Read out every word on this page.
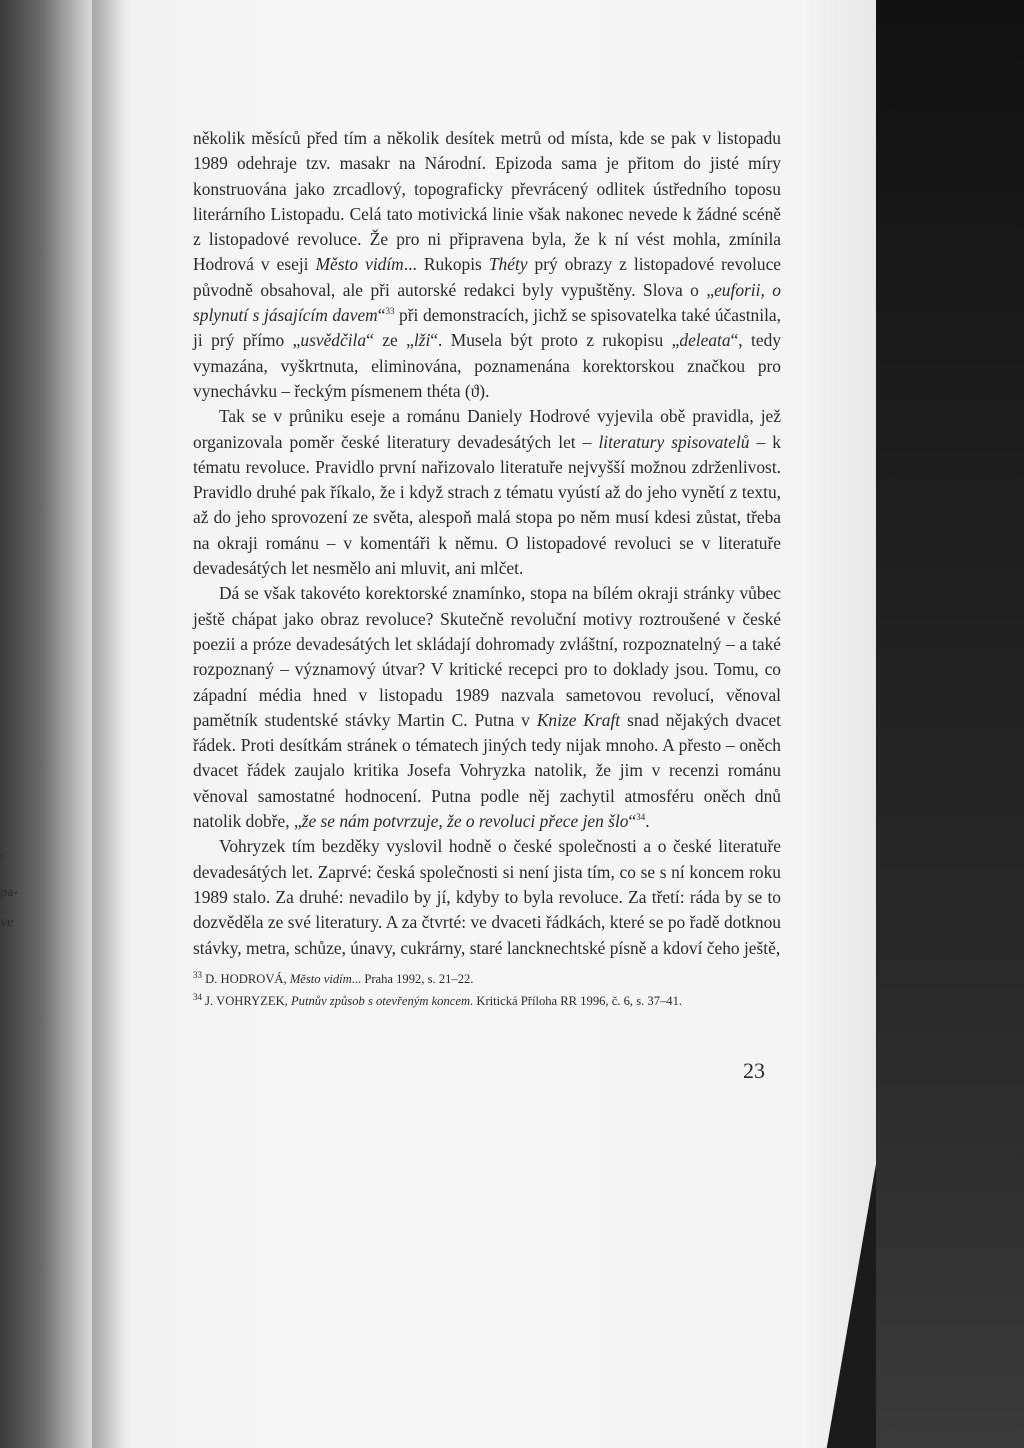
,
pa-
ve

několik měsíců před tím a několik desítek metrů od místa, kde se pak v listopadu 1989 odehraje tzv. masakr na Národní. Epizoda sama je přitom do jisté míry konstruována jako zrcadlový, topograficky převrácený odlitek ústředního toposu literárního Listopadu. Celá tato motivická linie však nakonec nevede k žádné scéně z listopadové revoluce. Že pro ni připravena byla, že k ní vést mohla, zmínila Hodrová v eseji Město vidím... Rukopis Théty prý obrazy z listopadové revoluce původně obsahoval, ale při autorské redakci byly vypuštěny. Slova o „euforii, o splynutí s jásajícím davem“$^{33}$ při demonstracích, jichž se spisovatelka také účastnila, ji prý přímo „usvědčila“ ze „lži“. Musela být proto z rukopisu „deleata“, tedy vymazána, vyškrtnuta, eliminována, poznamenána korektorskou značkou pro vynechávku – řeckým písmenem théta (ϑ).

Tak se v průniku eseje a románu Daniely Hodrové vyjevila obě pravidla, jež organizovala poměr české literatury devadesátých let – literatury spisovatelů – k tématu revoluce. Pravidlo první nařizovalo literatuře nejvyšší možnou zdrženlivost. Pravidlo druhé pak říkalo, že i když strach z tématu vyústí až do jeho vynětí z textu, až do jeho sprovození ze světa, alespoň malá stopa po něm musí kdesi zůstat, třeba na okraji románu – v komentáři k němu. O listopadové revoluci se v literatuře devadesátých let nesmělo ani mluvit, ani mlčet.

Dá se však takovéto korektorské znamínko, stopa na bílém okraji stránky vůbec ještě chápat jako obraz revoluce? Skutečně revoluční motivy roztroušené v české poezii a próze devadesátých let skládají dohromady zvláštní, rozpoznatelný – a také rozpoznaný – významový útvar? V kritické recepci pro to doklady jsou. Tomu, co západní média hned v listopadu 1989 nazvala sametovou revolucí, věnoval pamětník studentské stávky Martin C. Putna v Knize Kraft snad nějakých dvacet řádek. Proti desítkám stránek o tématech jiných tedy nijak mnoho. A přesto – oněch dvacet řádek zaujalo kritika Josefa Vohryzka natolik, že jim v recenzi románu věnoval samostatné hodnocení. Putna podle něj zachytil atmosféru oněch dnů natolik dobře, „že se nám potvrzuje, že o revoluci přece jen šlo“$^{34}$.

Vohryzek tím bezděky vyslovil hodně o české společnosti a o české literatuře devadesátých let. Zaprvé: česká společnosti si není jista tím, co se s ní koncem roku 1989 stalo. Za druhé: nevadilo by jí, kdyby to byla revoluce. Za třetí: ráda by se to dozvěděla ze své literatury. A za čtvrté: ve dvaceti řádkách, které se po řadě dotknou stávky, metra, schůze, únavy, cukrárny, staré lancknechtské písně a kdoví čeho ještě,

$^{33}$ D. HODROVÁ, Město vidím... Praha 1992, s. 21–22.
$^{34}$ J. VOHRYZEK, Putnův způsob s otevřeným koncem. Kritická Příloha RR 1996, č. 6, s. 37–41.
23
